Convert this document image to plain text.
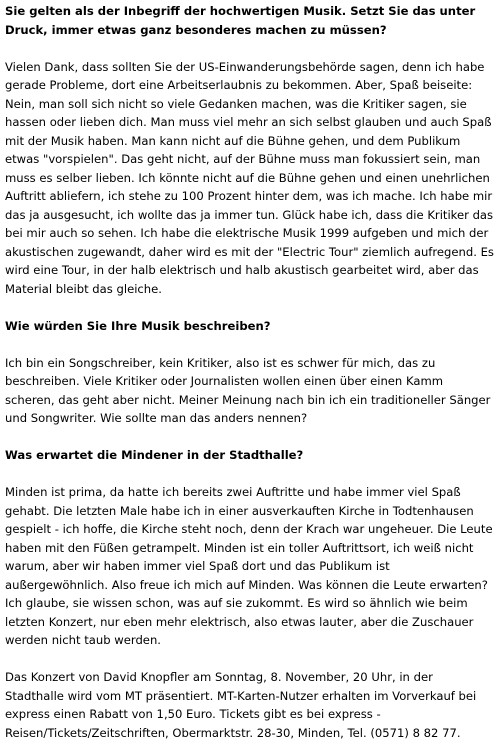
Sie gelten als der Inbegriff der hochwertigen Musik. Setzt Sie das unter Druck, immer etwas ganz besonderes machen zu müssen?

Vielen Dank, dass sollten Sie der US-Einwanderungsbehörde sagen, denn ich habe gerade Probleme, dort eine Arbeitserlaubnis zu bekommen. Aber, Spaß beiseite: Nein, man soll sich nicht so viele Gedanken machen, was die Kritiker sagen, sie hassen oder lieben dich. Man muss viel mehr an sich selbst glauben und auch Spaß mit der Musik haben. Man kann nicht auf die Bühne gehen, und dem Publikum etwas "vorspielen". Das geht nicht, auf der Bühne muss man fokussiert sein, man muss es selber lieben. Ich könnte nicht auf die Bühne gehen und einen unehrlichen Auftritt abliefern, ich stehe zu 100 Prozent hinter dem, was ich mache. Ich habe mir das ja ausgesucht, ich wollte das ja immer tun. Glück habe ich, dass die Kritiker das bei mir auch so sehen. Ich habe die elektrische Musik 1999 aufgeben und mich der akustischen zugewandt, daher wird es mit der "Electric Tour" ziemlich aufregend. Es wird eine Tour, in der halb elektrisch und halb akustisch gearbeitet wird, aber das Material bleibt das gleiche.

Wie würden Sie Ihre Musik beschreiben?

Ich bin ein Songschreiber, kein Kritiker, also ist es schwer für mich, das zu beschreiben. Viele Kritiker oder Journalisten wollen einen über einen Kamm scheren, das geht aber nicht. Meiner Meinung nach bin ich ein traditioneller Sänger und Songwriter. Wie sollte man das anders nennen?

Was erwartet die Mindener in der Stadthalle?

Minden ist prima, da hatte ich bereits zwei Auftritte und habe immer viel Spaß gehabt. Die letzten Male habe ich in einer ausverkauften Kirche in Todtenhausen gespielt - ich hoffe, die Kirche steht noch, denn der Krach war ungeheuer. Die Leute haben mit den Füßen getrampelt. Minden ist ein toller Auftrittsort, ich weiß nicht warum, aber wir haben immer viel Spaß dort und das Publikum ist außergewöhnlich. Also freue ich mich auf Minden. Was können die Leute erwarten? Ich glaube, sie wissen schon, was auf sie zukommt. Es wird so ähnlich wie beim letzten Konzert, nur eben mehr elektrisch, also etwas lauter, aber die Zuschauer werden nicht taub werden.

Das Konzert von David Knopfler am Sonntag, 8. November, 20 Uhr, in der Stadthalle wird vom MT präsentiert. MT-Karten-Nutzer erhalten im Vorverkauf bei express einen Rabatt von 1,50 Euro. Tickets gibt es bei express - Reisen/Tickets/Zeitschriften, Obermarktstr. 28-30, Minden, Tel. (0571) 8 82 77.
